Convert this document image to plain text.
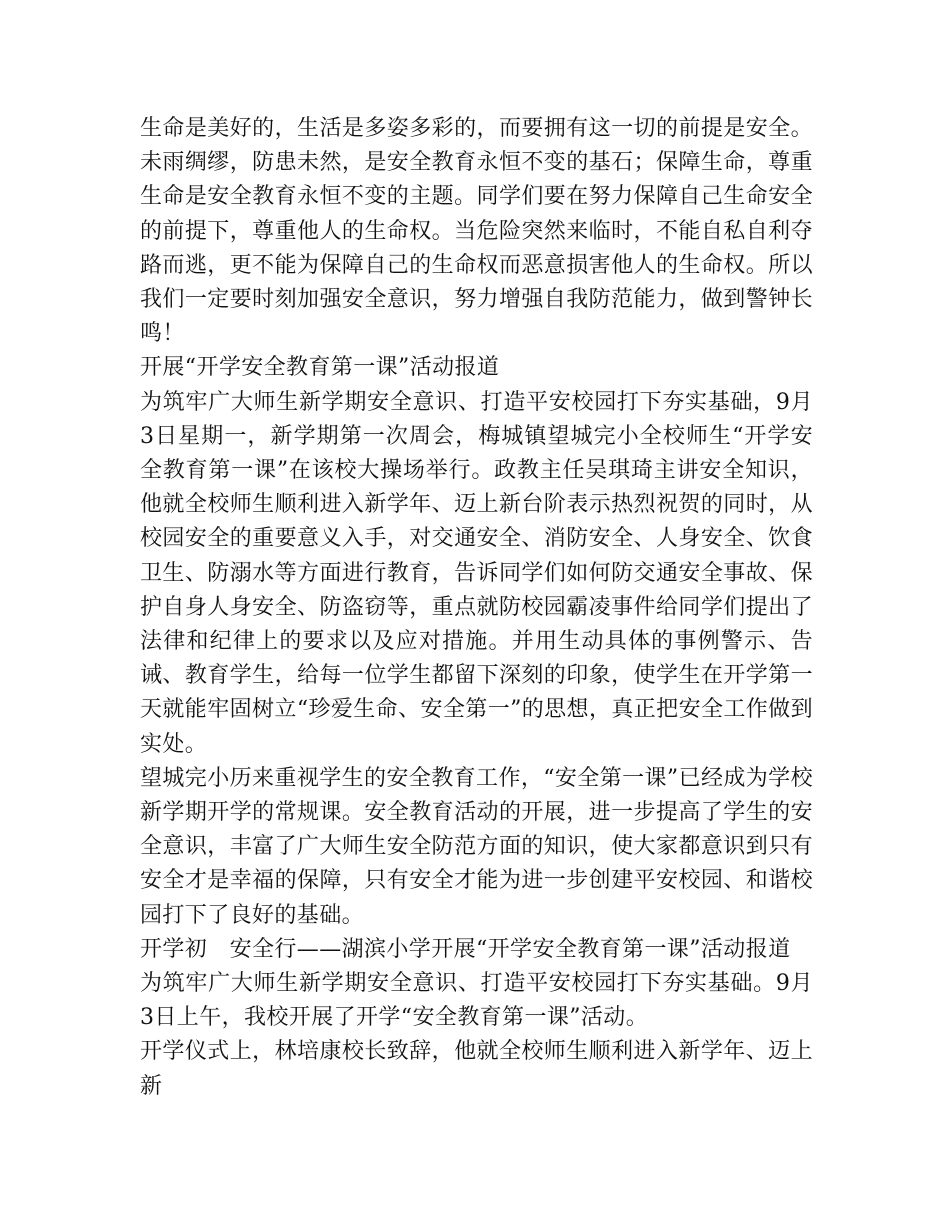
生命是美好的，生活是多姿多彩的，而要拥有这一切的前提是安全。未雨绸缪，防患未然，是安全教育永恒不变的基石；保障生命，尊重生命是安全教育永恒不变的主题。同学们要在努力保障自己生命安全的前提下，尊重他人的生命权。当危险突然来临时，不能自私自利夺路而逃，更不能为保障自己的生命权而恶意损害他人的生命权。所以我们一定要时刻加强安全意识，努力增强自我防范能力，做到警钟长鸣！

开展“开学安全教育第一课”活动报道

为筑牢广大师生新学期安全意识、打造平安校园打下夯实基础，9月3日星期一，新学期第一次周会，梅城镇望城完小全校师生“开学安全教育第一课”在该校大操场举行。政教主任吴琪琦主讲安全知识，他就全校师生顺利进入新学年、迈上新台阶表示热烈祝贺的同时，从校园安全的重要意义入手，对交通安全、消防安全、人身安全、饮食卫生、防溺水等方面进行教育，告诉同学们如何防交通安全事故、保护自身人身安全、防盗窃等，重点就防校园霸凌事件给同学们提出了法律和纪律上的要求以及应对措施。并用生动具体的事例警示、告诫、教育学生，给每一位学生都留下深刻的印象，使学生在开学第一天就能牢固树立“珍爱生命、安全第一”的思想，真正把安全工作做到实处。

望城完小历来重视学生的安全教育工作，“安全第一课”已经成为学校新学期开学的常规课。安全教育活动的开展，进一步提高了学生的安全意识，丰富了广大师生安全防范方面的知识，使大家都意识到只有安全才是幸福的保障，只有安全才能为进一步创建平安校园、和谐校园打下了良好的基础。

开学初　安全行——湖滨小学开展“开学安全教育第一课”活动报道

为筑牢广大师生新学期安全意识、打造平安校园打下夯实基础。9月3日上午，我校开展了开学“安全教育第一课”活动。

开学仪式上，林培康校长致辞，他就全校师生顺利进入新学年、迈上新
